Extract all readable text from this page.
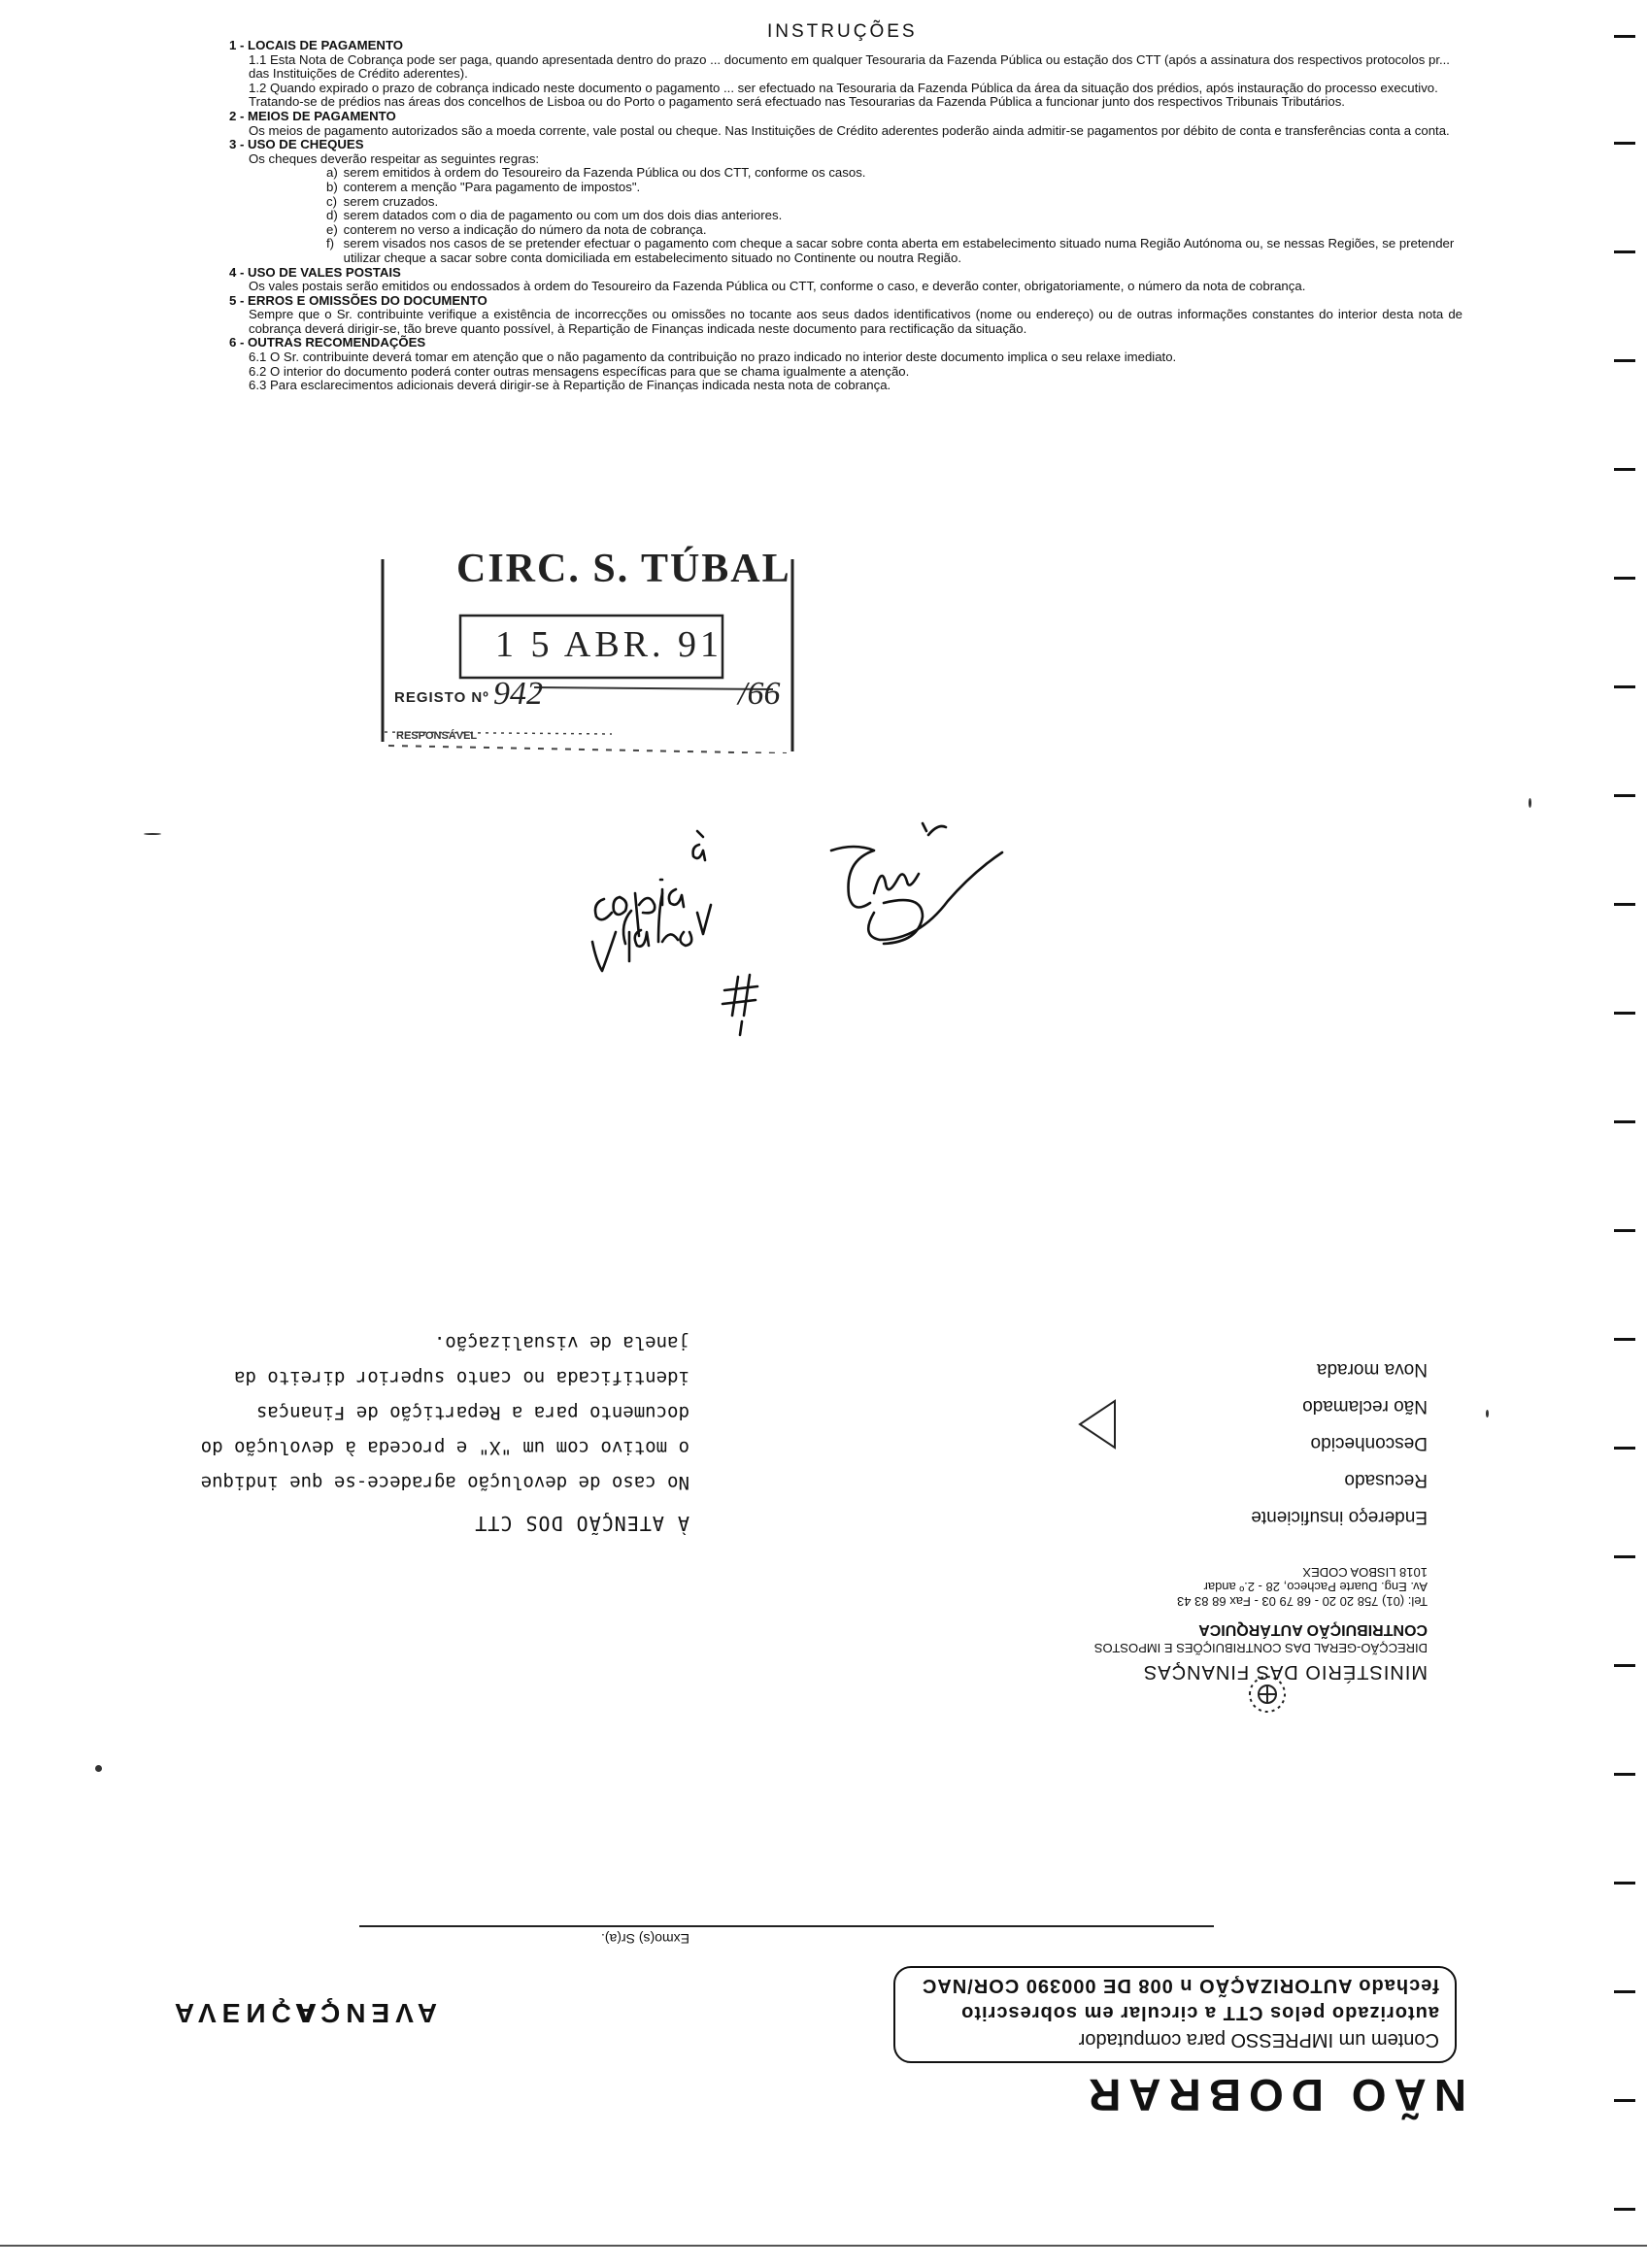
INSTRUÇÕES
1 - LOCAIS DE PAGAMENTO
1.1 Esta Nota de Cobrança pode ser paga, quando apresentada dentro do prazo ... documento em qualquer Tesouraria da Fazenda Pública ou estação dos CTT (após a assinatura dos respectivos protocolos pr... das Instituições de Crédito aderentes).
1.2 Quando expirado o prazo de cobrança indicado neste documento o pagamento ... ser efectuado na Tesouraria da Fazenda Pública da área da situação dos prédios, após instauração do processo executivo. Tratando-se de prédios nas áreas dos concelhos de Lisboa ou do Porto o pagamento será efectuado nas Tesourarias da Fazenda Pública a funcionar junto dos respectivos Tribunais Tributários.
2 - MEIOS DE PAGAMENTO
Os meios de pagamento autorizados são a moeda corrente, vale postal ou cheque. Nas Instituições de Crédito aderentes poderão ainda admitir-se pagamentos por débito de conta e transferências conta a conta.
3 - USO DE CHEQUES
Os cheques deverão respeitar as seguintes regras:
a)
serem emitidos à ordem do Tesoureiro da Fazenda Pública ou dos CTT, conforme os casos.
b)
conterem a menção "Para pagamento de impostos".
c)
serem cruzados.
d)
serem datados com o dia de pagamento ou com um dos dois dias anteriores.
e)
conterem no verso a indicação do número da nota de cobrança.
f)
serem visados nos casos de se pretender efectuar o pagamento com cheque a sacar sobre conta aberta em estabelecimento situado numa Região Autónoma ou, se nessas Regiões, se pretender utilizar cheque a sacar sobre conta domiciliada em estabelecimento situado no Continente ou noutra Região.
4 - USO DE VALES POSTAIS
Os vales postais serão emitidos ou endossados à ordem do Tesoureiro da Fazenda Pública ou CTT, conforme o caso, e deverão conter, obrigatoriamente, o número da nota de cobrança.
5 - ERROS E OMISSÕES DO DOCUMENTO
Sempre que o Sr. contribuinte verifique a existência de incorrecções ou omissões no tocante aos seus dados identificativos (nome ou endereço) ou de outras informações constantes do interior desta nota de cobrança deverá dirigir-se, tão breve quanto possível, à Repartição de Finanças indicada neste documento para rectificação da situação.
6 - OUTRAS RECOMENDAÇÕES
6.1 O Sr. contribuinte deverá tomar em atenção que o não pagamento da contribuição no prazo indicado no interior deste documento implica o seu relaxe imediato.
6.2 O interior do documento poderá conter outras mensagens específicas para que se chama igualmente a atenção.
6.3 Para esclarecimentos adicionais deverá dirigir-se à Repartição de Finanças indicada nesta nota de cobrança.
CIRC. S. TÚBAL
1 5 ABR. 91
REGISTO Nº 942	/66
RESPONSÁVEL
NÃO DOBRAR
Contem um IMPRESSO para computador
autorizado pelos CTT a circular em sobrescrito
fechado AUTORIZAÇÃO n 008 DE 000390 COR/NAC
AVENÇA
AVENÇA
Exmo(s) Sr(a).
MINISTÉRIO DAS FINANÇAS
DIRECÇÃO-GERAL DAS CONTRIBUIÇÕES E IMPOSTOS
CONTRIBUIÇÃO AUTÁRQUICA
Tel: (01) 758 20 20 - 68 79 03 - Fax 68 83 43
Av. Eng. Duarte Pacheco, 28 - 2.º andar
1018 LISBOA CODEX
Endereço insuficiente
Recusado
Desconhecido
Não reclamado
Nova morada
À ATENÇÃO DOS CTT
No caso de devolução agradece-se que indique o motivo com um "X" e proceda à devolução do documento para a Repartição de Finanças identificada no canto superior direito da janela de visualização.
